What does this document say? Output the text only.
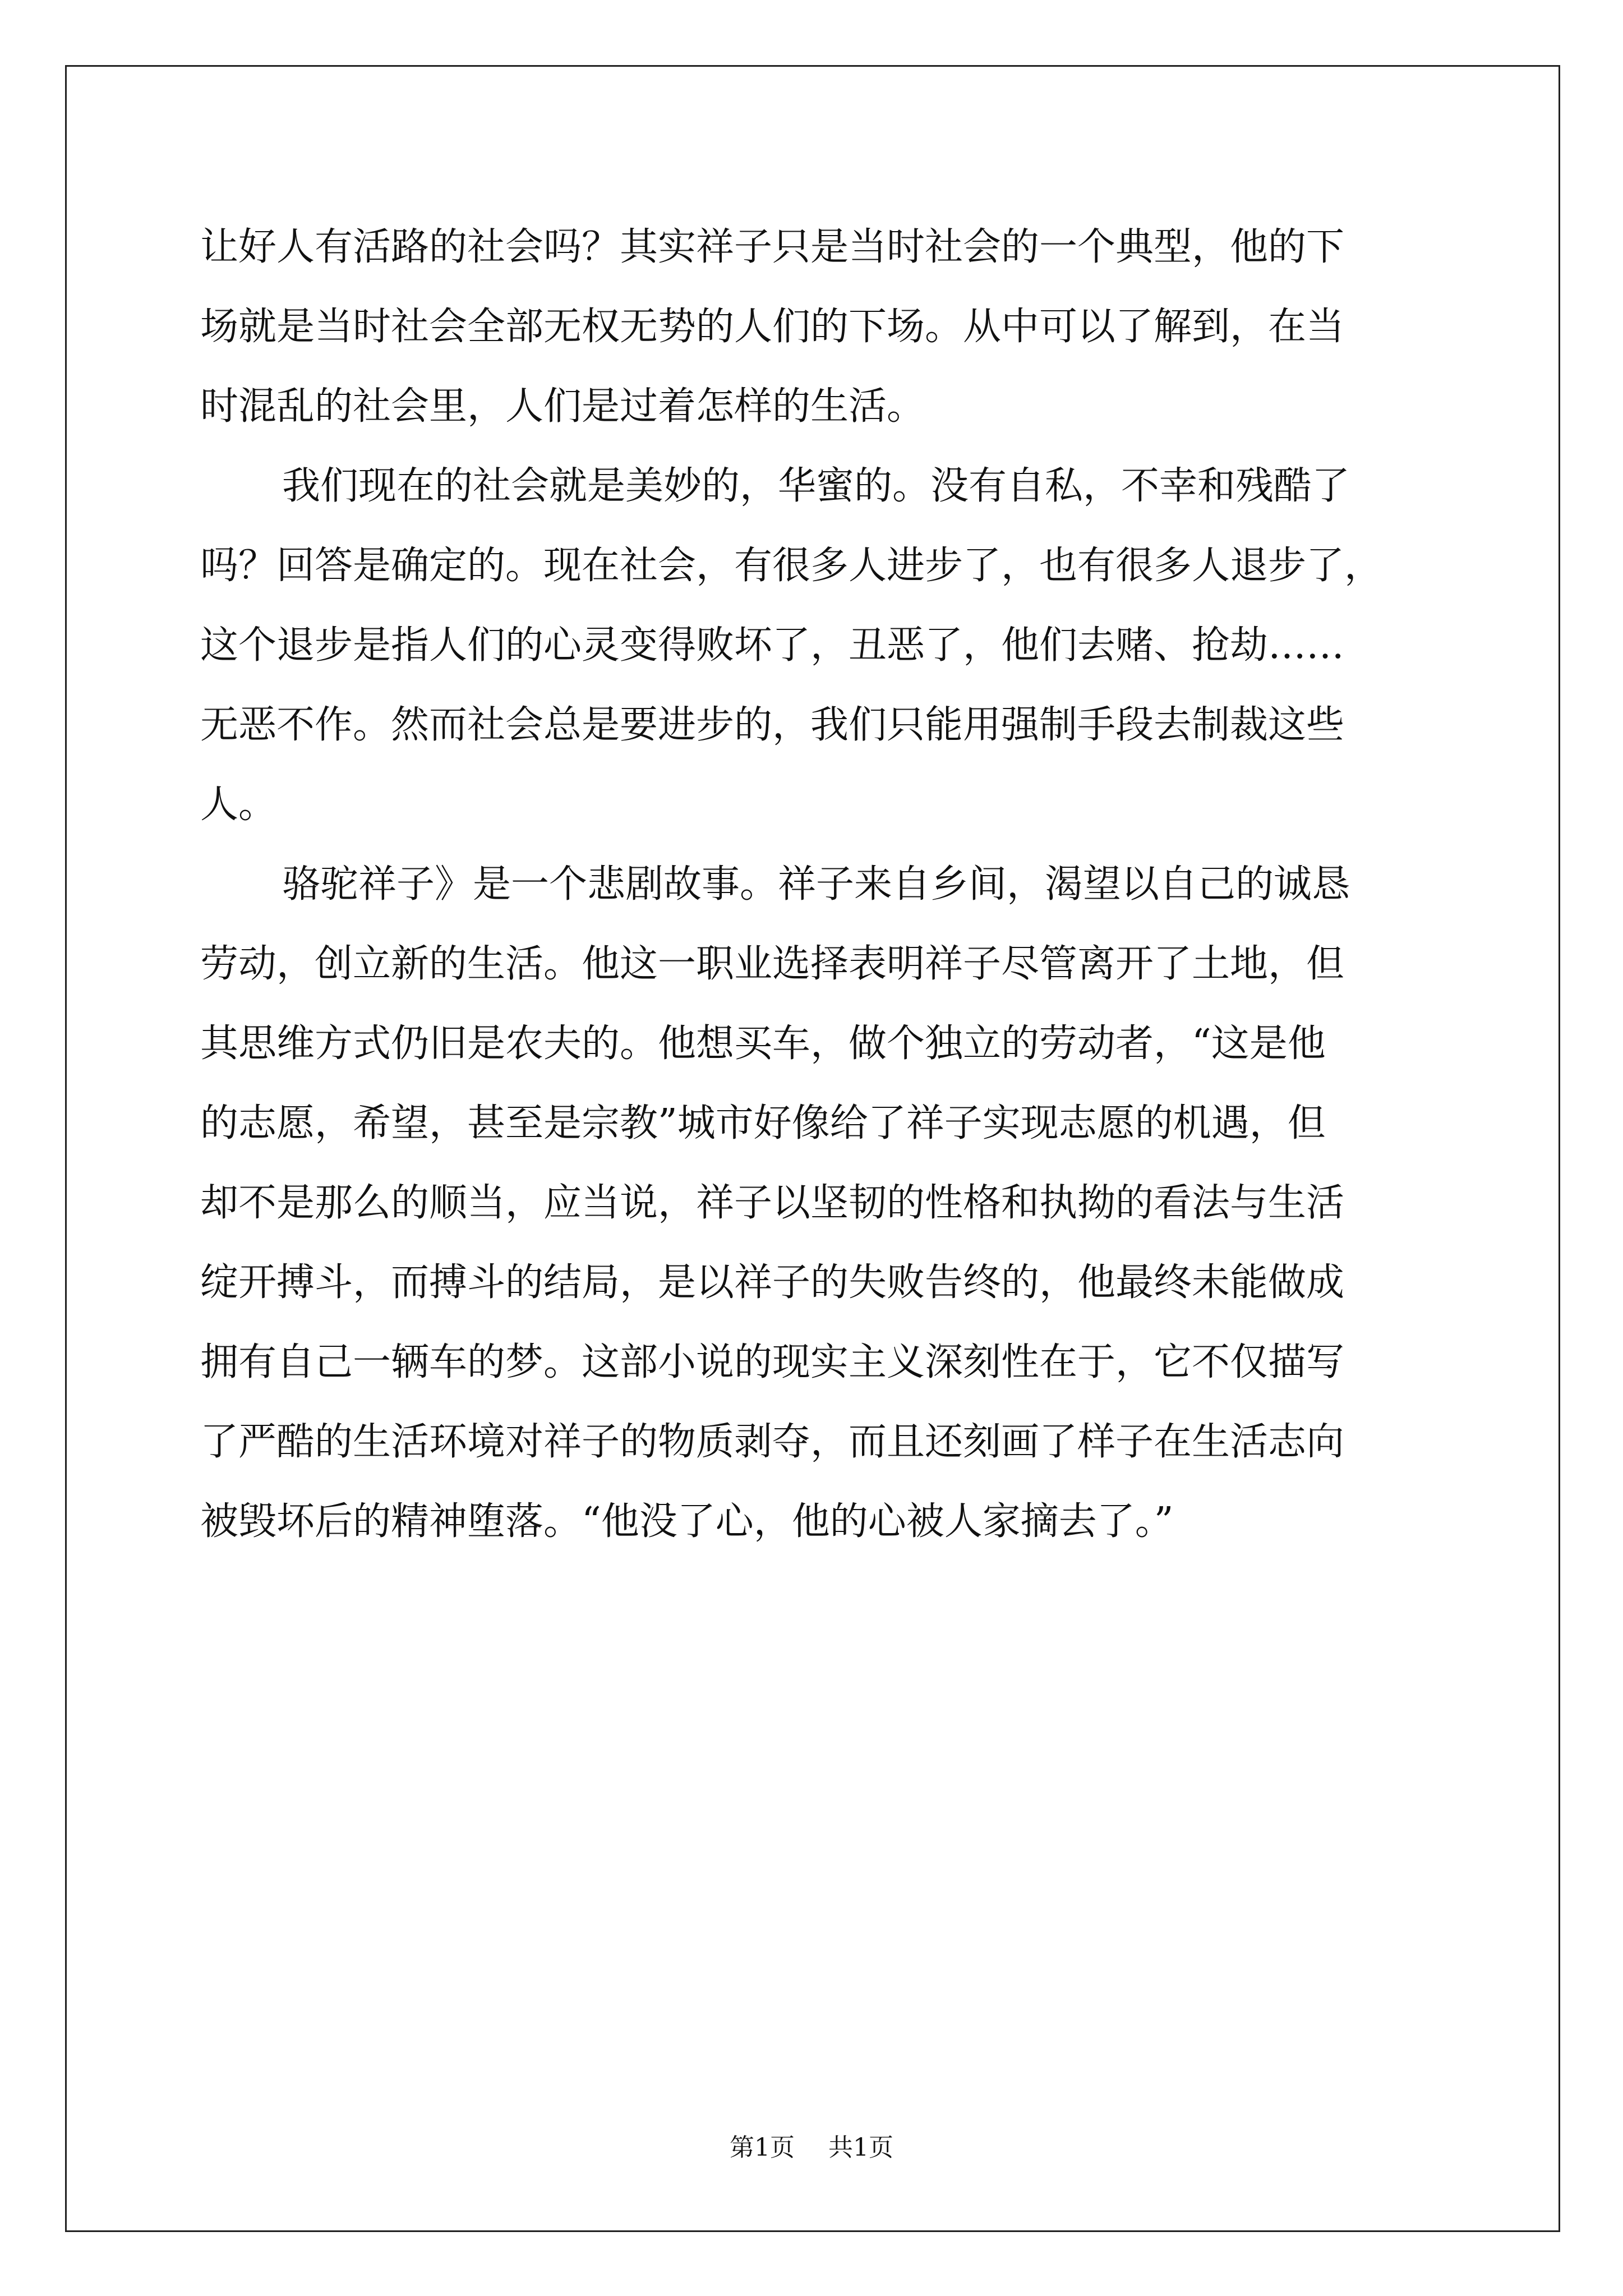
让好人有活路的社会吗？其实祥子只是当时社会的一个典型，他的下
场就是当时社会全部无权无势的人们的下场。从中可以了解到，在当
时混乱的社会里，人们是过着怎样的生活。
我们现在的社会就是美妙的，华蜜的。没有自私，不幸和残酷了
吗？回答是确定的。现在社会，有很多人进步了，也有很多人退步了，
这个退步是指人们的心灵变得败坏了，丑恶了，他们去赌、抢劫……
无恶不作。然而社会总是要进步的，我们只能用强制手段去制裁这些
人。
骆驼祥子》是一个悲剧故事。祥子来自乡间，渴望以自己的诚恳
劳动，创立新的生活。他这一职业选择表明祥子尽管离开了土地，但
其思维方式仍旧是农夫的。他想买车，做个独立的劳动者，“这是他
的志愿，希望，甚至是宗教”城市好像给了祥子实现志愿的机遇，但
却不是那么的顺当，应当说，祥子以坚韧的性格和执拗的看法与生活
绽开搏斗，而搏斗的结局，是以祥子的失败告终的，他最终未能做成
拥有自己一辆车的梦。这部小说的现实主义深刻性在于，它不仅描写
了严酷的生活环境对祥子的物质剥夺，而且还刻画了样子在生活志向
被毁坏后的精神堕落。“他没了心，他的心被人家摘去了。”
第1页 共1页
